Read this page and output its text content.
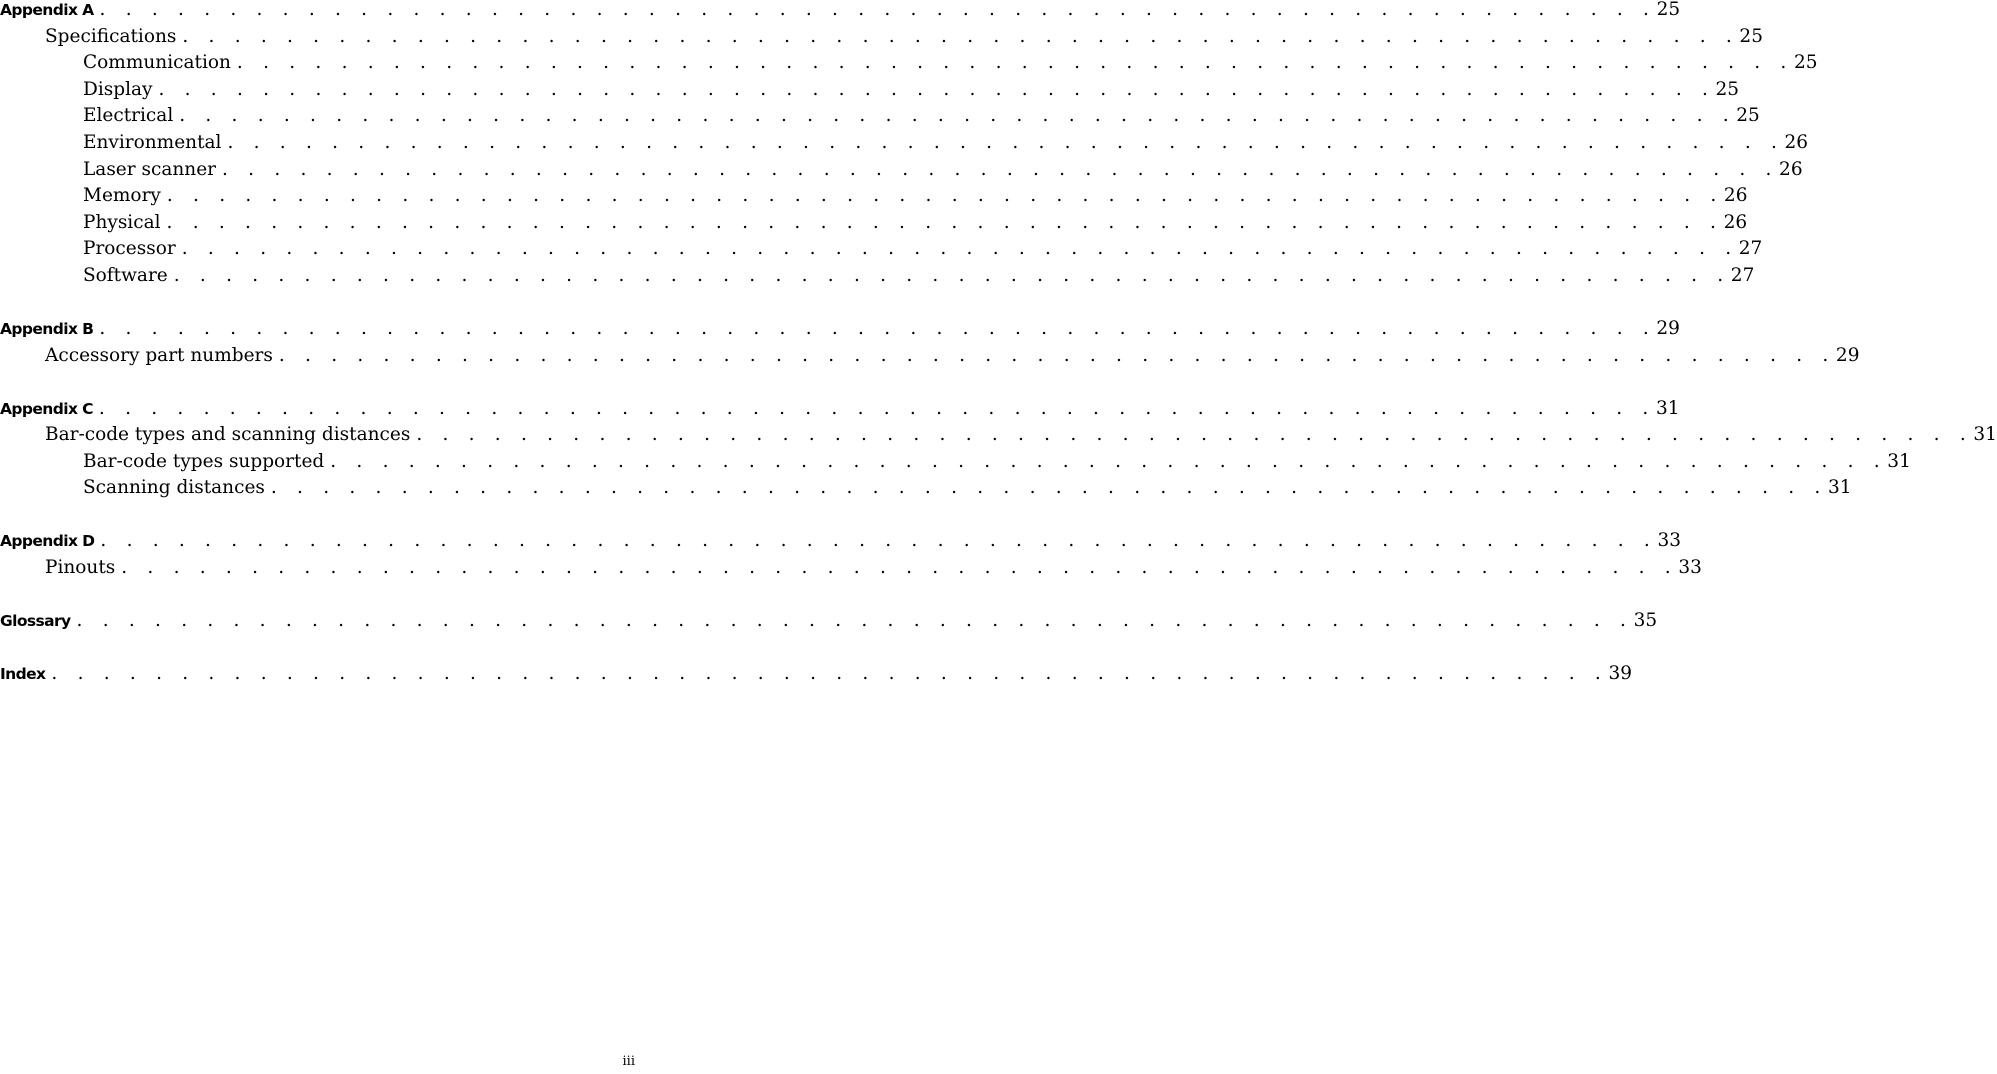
Appendix A . . . . . . . . . . . . . . . . . . . . . . . . . . . . . . . . . . . . . . . . . . . . . . . . . . . . . . . . . . . . 25
Specifications . . . . . . . . . . . . . . . . . . . . . . . . . . . . . . . . . . . . . . . . . . . . . . . . . . . . . . . . . . . . 25
Communication . . . . . . . . . . . . . . . . . . . . . . . . . . . . . . . . . . . . . . . . . . . . . . . . . . . . . . . . . . . . 25
Display . . . . . . . . . . . . . . . . . . . . . . . . . . . . . . . . . . . . . . . . . . . . . . . . . . . . . . . . . . . . 25
Electrical . . . . . . . . . . . . . . . . . . . . . . . . . . . . . . . . . . . . . . . . . . . . . . . . . . . . . . . . . . . . 25
Environmental . . . . . . . . . . . . . . . . . . . . . . . . . . . . . . . . . . . . . . . . . . . . . . . . . . . . . . . . . . . . 26
Laser scanner . . . . . . . . . . . . . . . . . . . . . . . . . . . . . . . . . . . . . . . . . . . . . . . . . . . . . . . . . . . . 26
Memory . . . . . . . . . . . . . . . . . . . . . . . . . . . . . . . . . . . . . . . . . . . . . . . . . . . . . . . . . . . . 26
Physical . . . . . . . . . . . . . . . . . . . . . . . . . . . . . . . . . . . . . . . . . . . . . . . . . . . . . . . . . . . . 26
Processor . . . . . . . . . . . . . . . . . . . . . . . . . . . . . . . . . . . . . . . . . . . . . . . . . . . . . . . . . . . . 27
Software . . . . . . . . . . . . . . . . . . . . . . . . . . . . . . . . . . . . . . . . . . . . . . . . . . . . . . . . . . . . 27
Appendix B . . . . . . . . . . . . . . . . . . . . . . . . . . . . . . . . . . . . . . . . . . . . . . . . . . . . . . . . . . . . 29
Accessory part numbers . . . . . . . . . . . . . . . . . . . . . . . . . . . . . . . . . . . . . . . . . . . . . . . . . . . . . . . . . . . . 29
Appendix C . . . . . . . . . . . . . . . . . . . . . . . . . . . . . . . . . . . . . . . . . . . . . . . . . . . . . . . . . . . . 31
Bar-code types and scanning distances . . . . . . . . . . . . . . . . . . . . . . . . . . . . . . . . . . . . . . . . . . . . . . . . . . . . . . . . . . . . 31
Bar-code types supported . . . . . . . . . . . . . . . . . . . . . . . . . . . . . . . . . . . . . . . . . . . . . . . . . . . . . . . . . . . . 31
Scanning distances . . . . . . . . . . . . . . . . . . . . . . . . . . . . . . . . . . . . . . . . . . . . . . . . . . . . . . . . . . . . 31
Appendix D . . . . . . . . . . . . . . . . . . . . . . . . . . . . . . . . . . . . . . . . . . . . . . . . . . . . . . . . . . . . 33
Pinouts . . . . . . . . . . . . . . . . . . . . . . . . . . . . . . . . . . . . . . . . . . . . . . . . . . . . . . . . . . . . 33
Glossary . . . . . . . . . . . . . . . . . . . . . . . . . . . . . . . . . . . . . . . . . . . . . . . . . . . . . . . . . . . . 35
Index . . . . . . . . . . . . . . . . . . . . . . . . . . . . . . . . . . . . . . . . . . . . . . . . . . . . . . . . . . . . 39
iii
